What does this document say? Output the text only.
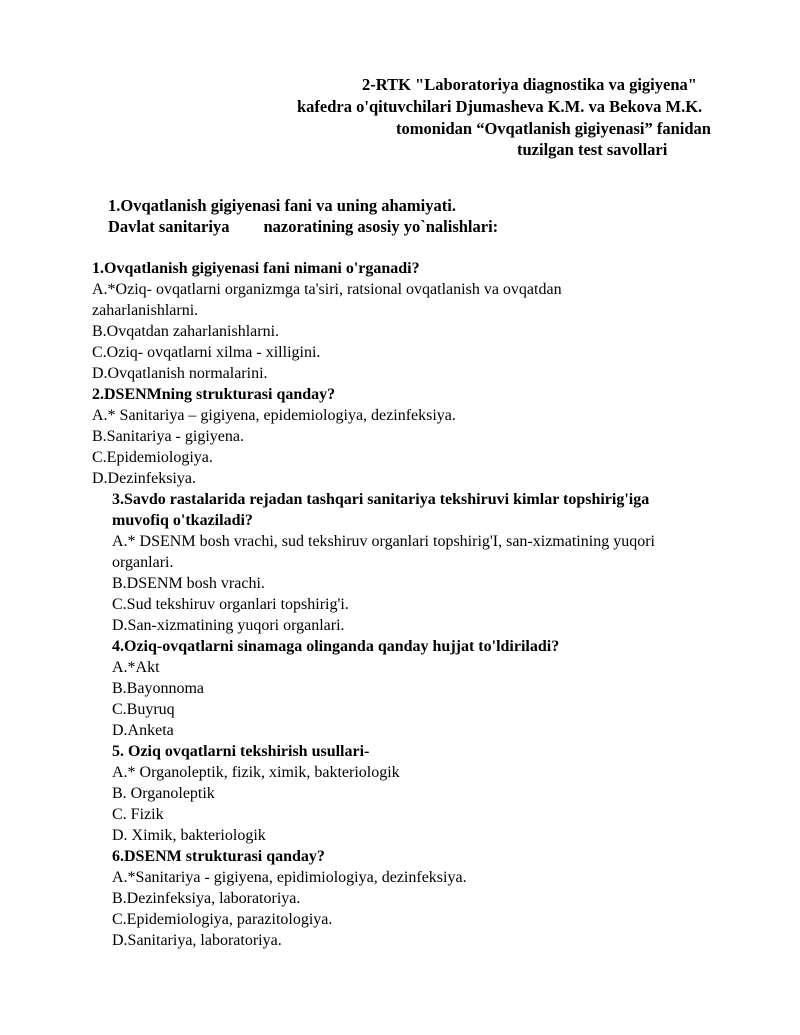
2-RTK "Laboratoriya diagnostika va gigiyena"
kafedra o'qituvchilari Djumasheva K.M. va Bekova M.K.
tomonidan “Ovqatlanish gigiyenasi” fanidan
tuzilgan test savollari
1.Ovqatlanish gigiyenasi fani va uning ahamiyati.
Davlat sanitariya nazoratining asosiy yo`nalishlari:
1.Ovqatlanish gigiyenasi fani nimani o'rganadi?
A.*Oziq- ovqatlarni organizmga ta'siri, ratsional ovqatlanish va ovqatdan
zaharlanishlarni.
B.Ovqatdan zaharlanishlarni.
C.Oziq- ovqatlarni xilma - xilligini.
D.Ovqatlanish normalarini.
2.DSENMning strukturasi qanday?
A.* Sanitariya – gigiyena, epidemiologiya, dezinfeksiya.
B.Sanitariya - gigiyena.
C.Epidemiologiya.
D.Dezinfeksiya.
3.Savdo rastalarida rejadan tashqari sanitariya tekshiruvi kimlar topshirig'iga
muvofiq o'tkaziladi?
A.* DSENM bosh vrachi, sud tekshiruv organlari topshirig'I, san-xizmatining yuqori
organlari.
B.DSENM bosh vrachi.
C.Sud tekshiruv organlari topshirig'i.
D.San-xizmatining yuqori organlari.
4.Oziq-ovqatlarni sinamaga olinganda qanday hujjat to'ldiriladi?
A.*Akt
B.Bayonnoma
C.Buyruq
D.Anketa
5. Oziq ovqatlarni tekshirish usullari-
A.* Organoleptik, fizik, ximik, bakteriologik
B. Organoleptik
C. Fizik
D. Ximik, bakteriologik
6.DSENM strukturasi qanday?
A.*Sanitariya - gigiyena, epidimiologiya, dezinfeksiya.
B.Dezinfeksiya, laboratoriya.
C.Epidemiologiya, parazitologiya.
D.Sanitariya, laboratoriya.
